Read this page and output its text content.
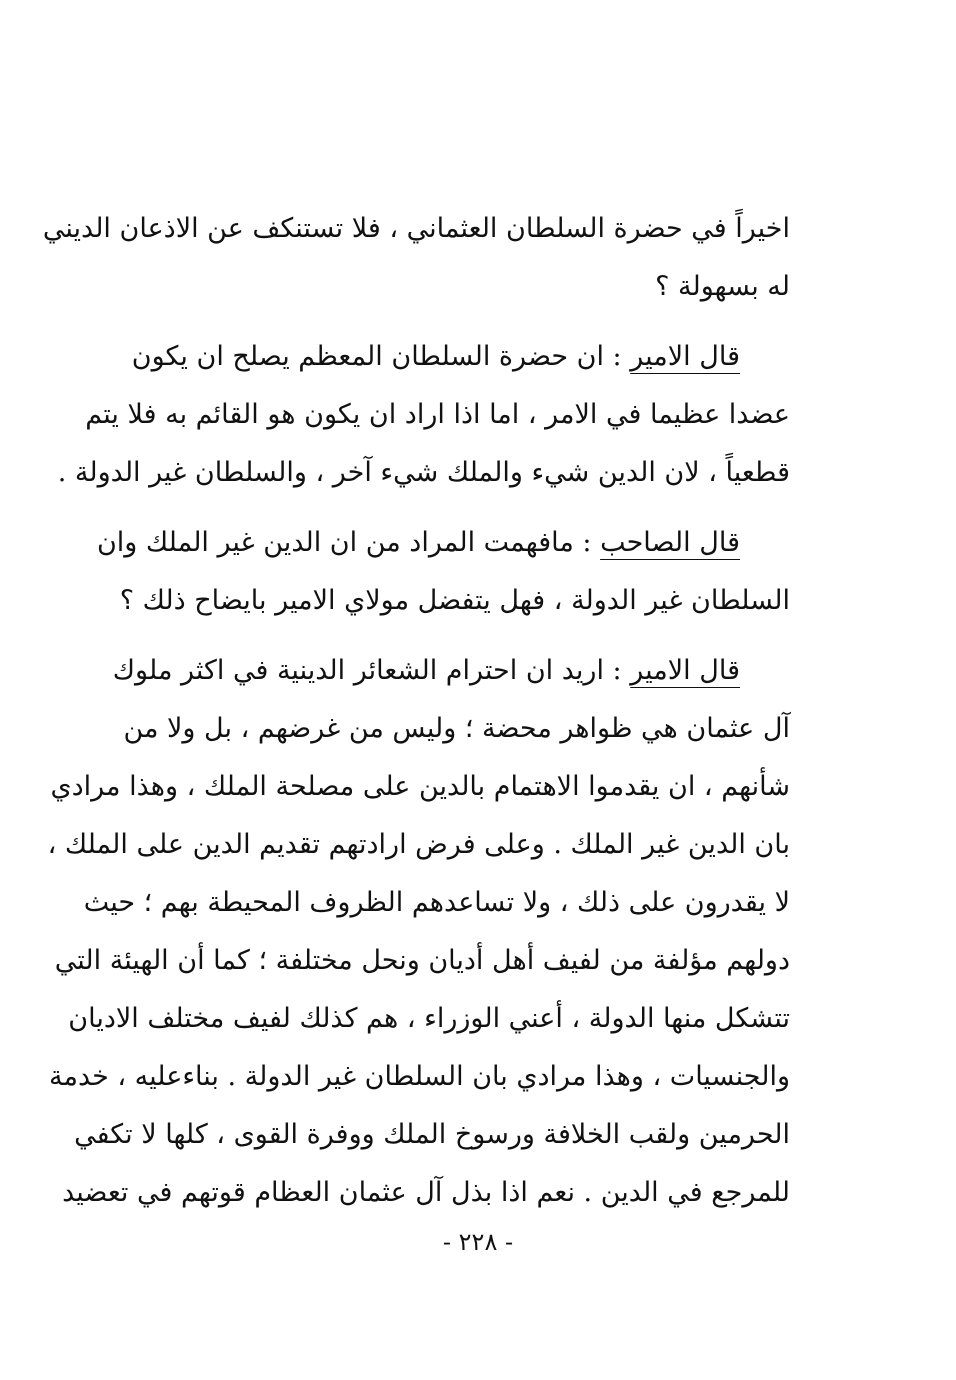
اخيراً في حضرة السلطان العثماني ، فلا تستنكف عن الاذعان الديني
له بسهولة ؟
قال الامير : ان حضرة السلطان المعظم يصلح ان يكون
عضدا عظيما في الامر ، اما اذا اراد ان يكون هو القائم به فلا يتم
قطعياً ، لان الدين شيء والملك شيء آخر ، والسلطان غير الدولة .
قال الصاحب : مافهمت المراد من ان الدين غير الملك وان
السلطان غير الدولة ، فهل يتفضل مولاي الامير بايضاح ذلك ؟
قال الامير : اريد ان احترام الشعائر الدينية في اكثر ملوك
آل عثمان هي ظواهر محضة ؛ وليس من غرضهم ، بل ولا من
شأنهم ، ان يقدموا الاهتمام بالدين على مصلحة الملك ، وهذا مرادي
بان الدين غير الملك . وعلى فرض ارادتهم تقديم الدين على الملك ،
لا يقدرون على ذلك ، ولا تساعدهم الظروف المحيطة بهم ؛ حيث
دولهم مؤلفة من لفيف أهل أديان ونحل مختلفة ؛ كما أن الهيئة التي
تتشكل منها الدولة ، أعني الوزراء ، هم كذلك لفيف مختلف الاديان
والجنسيات ، وهذا مرادي بان السلطان غير الدولة . بناءعليه ، خدمة
الحرمين ولقب الخلافة ورسوخ الملك ووفرة القوى ، كلها لا تكفي
للمرجع في الدين . نعم اذا بذل آل عثمان العظام قوتهم في تعضيد
- ٢٢٨ -
